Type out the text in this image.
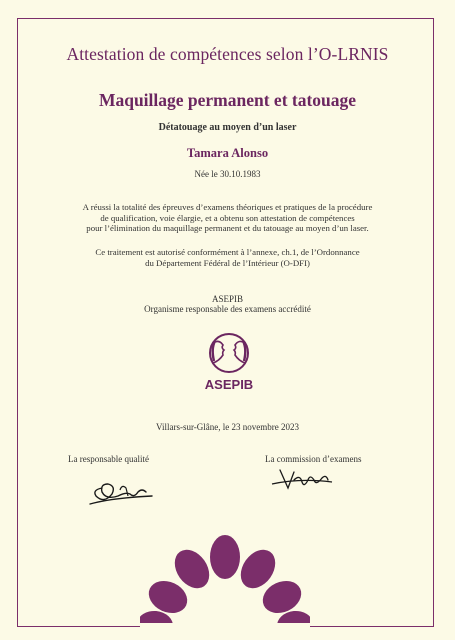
Attestation de compétences selon l’O-LRNIS
Maquillage permanent et tatouage
Détatouage au moyen d’un laser
Tamara Alonso
Née le 30.10.1983
A réussi la totalité des épreuves d’examens théoriques et pratiques de la procédure
de qualification, voie élargie, et a obtenu son attestation de compétences
pour l’élimination du maquillage permanent et du tatouage au moyen d’un laser.
Ce traitement est autorisé conformément à l’annexe, ch.1, de l’Ordonnance
du Département Fédéral de l’Intérieur (O-DFI)
ASEPIB
Organisme responsable des examens accrédité
ASEPIB
Villars-sur-Glâne, le 23 novembre 2023
La responsable qualité	La commission d’examens
